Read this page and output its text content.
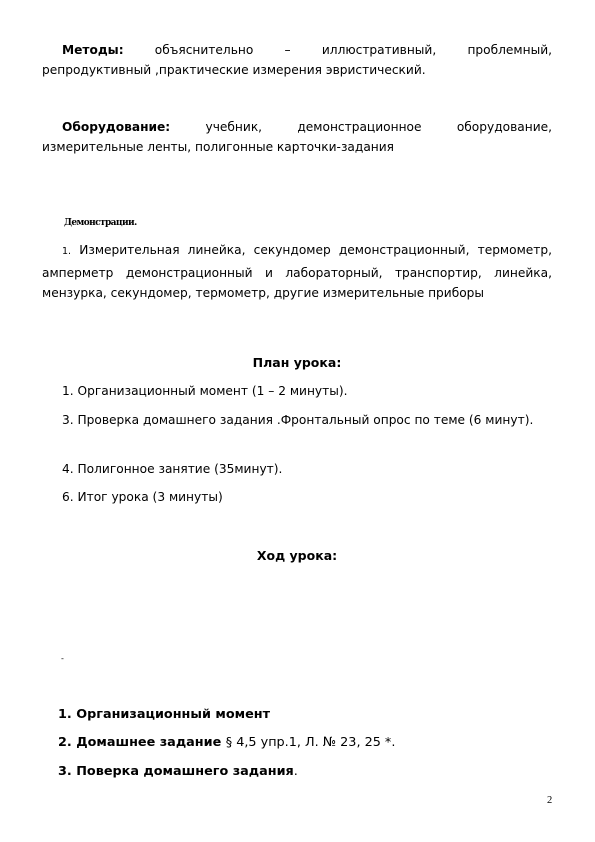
Методы: объяснительно – иллюстративный, проблемный, репродуктивный ,практические измерения эвристический.
Оборудование: учебник, демонстрационное оборудование, измерительные ленты, полигонные карточки-задания
Демонстрации.
1. Измерительная линейка, секундомер демонстрационный, термометр, амперметр демонстрационный и лабораторный, транспортир, линейка, мензурка, секундомер, термометр, другие измерительные приборы
План урока:
1. Организационный момент (1 – 2 минуты).
3. Проверка домашнего задания .Фронтальный опрос по теме (6 минут).
4. Полигонное занятие (35минут).
6. Итог урока (3 минуты)
Ход урока:
-
1. Организационный момент
2. Домашнее задание § 4,5 упр.1, Л. № 23, 25 *.
3. Поверка домашнего задания.
2
